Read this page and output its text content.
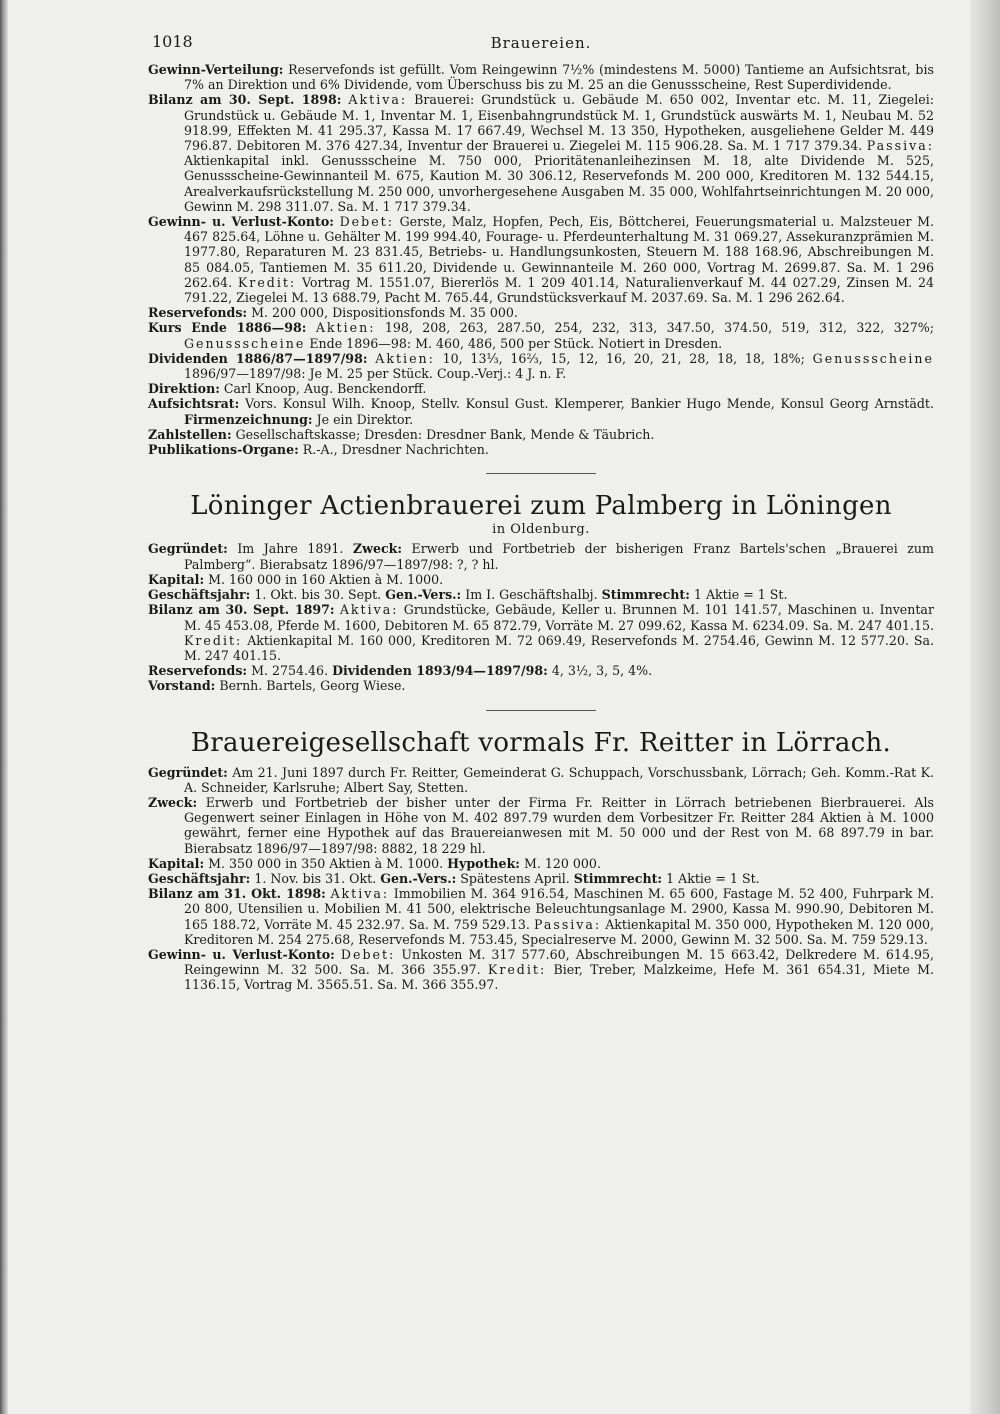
1018	Brauereien.

Gewinn-Verteilung: Reservefonds ist gefüllt. Vom Reingewinn 7½% (mindestens M. 5000) Tantieme an Aufsichtsrat, bis 7% an Direktion und 6% Dividende, vom Überschuss bis zu M. 25 an die Genussscheine, Rest Superdividende.

Bilanz am 30. Sept. 1898: Aktiva: Brauerei: Grundstück u. Gebäude M. 650 002, Inventar etc. M. 11, Ziegelei: Grundstück u. Gebäude M. 1, Inventar M. 1, Eisenbahngrundstück M. 1, Grundstück auswärts M. 1, Neubau M. 52 918.99, Effekten M. 41 295.37, Kassa M. 17 667.49, Wechsel M. 13 350, Hypotheken, ausgeliehene Gelder M. 449 796.87. Debitoren M. 376 427.34, Inventur der Brauerei u. Ziegelei M. 115 906.28. Sa. M. 1 717 379.34. Passiva: Aktienkapital inkl. Genussscheine M. 750 000, Prioritätenanleihezinsen M. 18, alte Dividende M. 525, Genussscheine-Gewinnanteil M. 675, Kaution M. 30 306.12, Reservefonds M. 200 000, Kreditoren M. 132 544.15, Arealverkaufsrückstellung M. 250 000, unvorhergesehene Ausgaben M. 35 000, Wohlfahrtseinrichtungen M. 20 000, Gewinn M. 298 311.07. Sa. M. 1 717 379.34.

Gewinn- u. Verlust-Konto: Debet: Gerste, Malz, Hopfen, Pech, Eis, Böttcherei, Feuerungsmaterial u. Malzsteuer M. 467 825.64, Löhne u. Gehälter M. 199 994.40, Fourage- u. Pferdeunterhaltung M. 31 069.27, Assekuranzprämien M. 1977.80, Reparaturen M. 23 831.45, Betriebs- u. Handlungsunkosten, Steuern M. 188 168.96, Abschreibungen M. 85 084.05, Tantiemen M. 35 611.20, Dividende u. Gewinnanteile M. 260 000, Vortrag M. 2699.87. Sa. M. 1 296 262.64. Kredit: Vortrag M. 1551.07, Biererlös M. 1 209 401.14, Naturalienverkauf M. 44 027.29, Zinsen M. 24 791.22, Ziegelei M. 13 688.79, Pacht M. 765.44, Grundstücksverkauf M. 2037.69. Sa. M. 1 296 262.64.

Reservefonds: M. 200 000, Dispositionsfonds M. 35 000.

Kurs Ende 1886—98: Aktien: 198, 208, 263, 287.50, 254, 232, 313, 347.50, 374.50, 519, 312, 322, 327%; Genussscheine Ende 1896—98: M. 460, 486, 500 per Stück. Notiert in Dresden.

Dividenden 1886/87—1897/98: Aktien: 10, 13⅓, 16⅔, 15, 12, 16, 20, 21, 28, 18, 18, 18%; Genussscheine 1896/97—1897/98: Je M. 25 per Stück. Coup.-Verj.: 4 J. n. F.

Direktion: Carl Knoop, Aug. Benckendorff.

Aufsichtsrat: Vors. Konsul Wilh. Knoop, Stellv. Konsul Gust. Klemperer, Bankier Hugo Mende, Konsul Georg Arnstädt. Firmenzeichnung: Je ein Direktor.

Zahlstellen: Gesellschaftskasse; Dresden: Dresdner Bank, Mende & Täubrich.

Publikations-Organe: R.-A., Dresdner Nachrichten.

Löninger Actienbrauerei zum Palmberg in Löningen
in Oldenburg.

Gegründet: Im Jahre 1891. Zweck: Erwerb und Fortbetrieb der bisherigen Franz Bartels'schen „Brauerei zum Palmberg“. Bierabsatz 1896/97—1897/98: ?, ? hl.

Kapital: M. 160 000 in 160 Aktien à M. 1000.

Geschäftsjahr: 1. Okt. bis 30. Sept. Gen.-Vers.: Im I. Geschäftshalbj. Stimmrecht: 1 Aktie = 1 St.

Bilanz am 30. Sept. 1897: Aktiva: Grundstücke, Gebäude, Keller u. Brunnen M. 101 141.57, Maschinen u. Inventar M. 45 453.08, Pferde M. 1600, Debitoren M. 65 872.79, Vorräte M. 27 099.62, Kassa M. 6234.09. Sa. M. 247 401.15. Kredit: Aktienkapital M. 160 000, Kreditoren M. 72 069.49, Reservefonds M. 2754.46, Gewinn M. 12 577.20. Sa. M. 247 401.15.

Reservefonds: M. 2754.46. Dividenden 1893/94—1897/98: 4, 3½, 3, 5, 4%.

Vorstand: Bernh. Bartels, Georg Wiese.

Brauereigesellschaft vormals Fr. Reitter in Lörrach.

Gegründet: Am 21. Juni 1897 durch Fr. Reitter, Gemeinderat G. Schuppach, Vorschussbank, Lörrach; Geh. Komm.-Rat K. A. Schneider, Karlsruhe; Albert Say, Stetten.

Zweck: Erwerb und Fortbetrieb der bisher unter der Firma Fr. Reitter in Lörrach betriebenen Bierbrauerei. Als Gegenwert seiner Einlagen in Höhe von M. 402 897.79 wurden dem Vorbesitzer Fr. Reitter 284 Aktien à M. 1000 gewährt, ferner eine Hypothek auf das Brauereianwesen mit M. 50 000 und der Rest von M. 68 897.79 in bar. Bierabsatz 1896/97—1897/98: 8882, 18 229 hl.

Kapital: M. 350 000 in 350 Aktien à M. 1000. Hypothek: M. 120 000.

Geschäftsjahr: 1. Nov. bis 31. Okt. Gen.-Vers.: Spätestens April. Stimmrecht: 1 Aktie = 1 St.

Bilanz am 31. Okt. 1898: Aktiva: Immobilien M. 364 916.54, Maschinen M. 65 600, Fastage M. 52 400, Fuhrpark M. 20 800, Utensilien u. Mobilien M. 41 500, elektrische Beleuchtungsanlage M. 2900, Kassa M. 990.90, Debitoren M. 165 188.72, Vorräte M. 45 232.97. Sa. M. 759 529.13. Passiva: Aktienkapital M. 350 000, Hypotheken M. 120 000, Kreditoren M. 254 275.68, Reservefonds M. 753.45, Specialreserve M. 2000, Gewinn M. 32 500. Sa. M. 759 529.13.

Gewinn- u. Verlust-Konto: Debet: Unkosten M. 317 577.60, Abschreibungen M. 15 663.42, Delkredere M. 614.95, Reingewinn M. 32 500. Sa. M. 366 355.97. Kredit: Bier, Treber, Malzkeime, Hefe M. 361 654.31, Miete M. 1136.15, Vortrag M. 3565.51. Sa. M. 366 355.97.
